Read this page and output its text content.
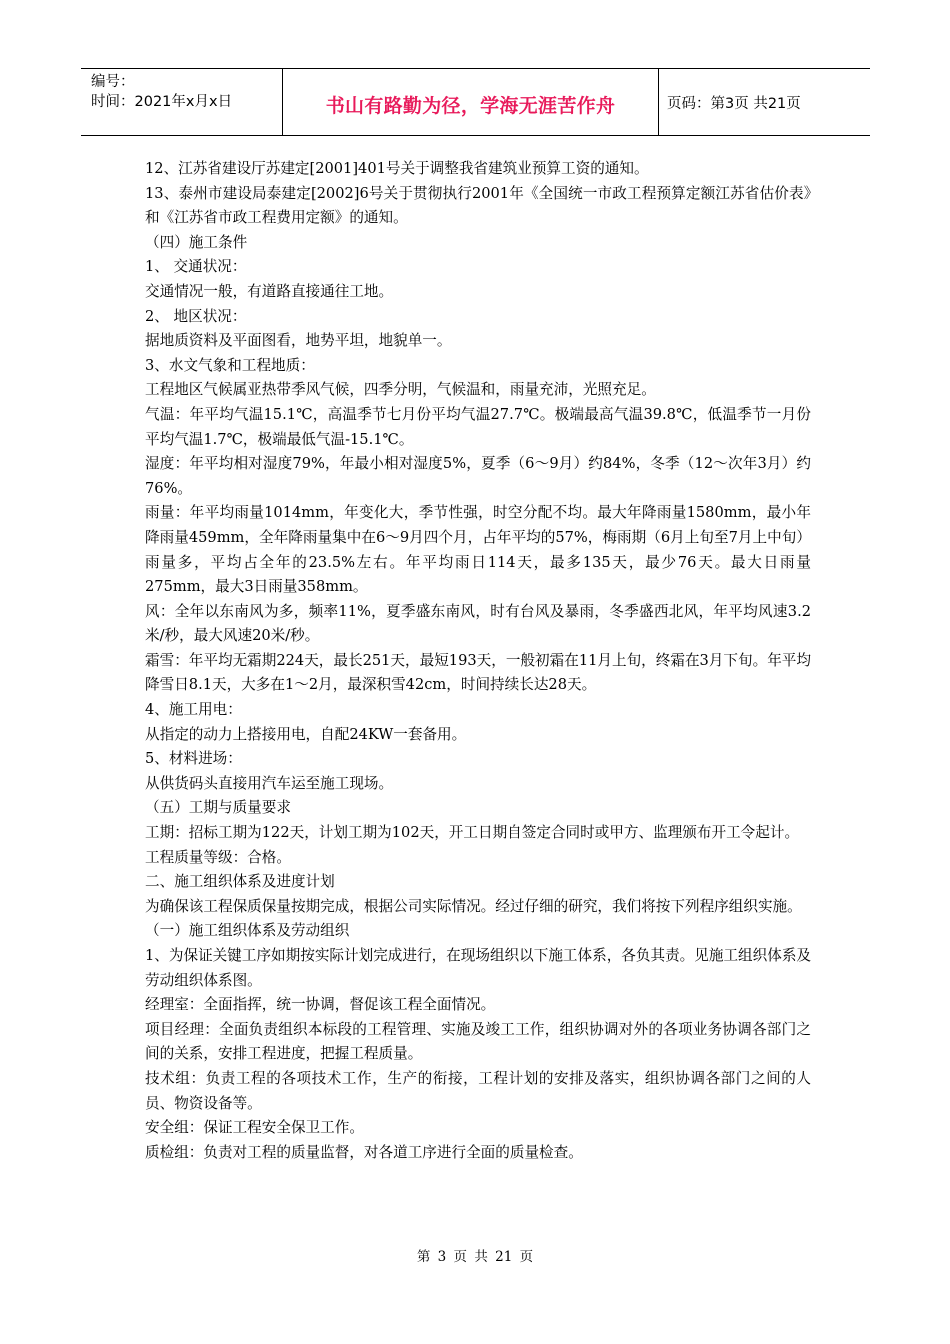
编号：
时间：2021年x月x日	书山有路勤为径，学海无涯苦作舟	页码：第3页 共21页

12、江苏省建设厅苏建定[2001]401号关于调整我省建筑业预算工资的通知。

13、泰州市建设局泰建定[2002]6号关于贯彻执行2001年《全国统一市政工程预算定额江苏省估价表》和《江苏省市政工程费用定额》的通知。

（四）施工条件

1、 交通状况：

交通情况一般，有道路直接通往工地。

2、 地区状况：

据地质资料及平面图看，地势平坦，地貌单一。

3、水文气象和工程地质：

工程地区气候属亚热带季风气候，四季分明，气候温和，雨量充沛，光照充足。

气温：年平均气温15.1℃，高温季节七月份平均气温27.7℃。极端最高气温39.8℃，低温季节一月份平均气温1.7℃，极端最低气温-15.1℃。

湿度：年平均相对湿度79%，年最小相对湿度5%，夏季（6～9月）约84%，冬季（12～次年3月）约76%。

雨量：年平均雨量1014mm，年变化大，季节性强，时空分配不均。最大年降雨量1580mm，最小年降雨量459mm，全年降雨量集中在6～9月四个月，占年平均的57%，梅雨期（6月上旬至7月上中旬）雨量多，平均占全年的23.5%左右。年平均雨日114天，最多135天，最少76天。最大日雨量275mm，最大3日雨量358mm。

风：全年以东南风为多，频率11%，夏季盛东南风，时有台风及暴雨，冬季盛西北风，年平均风速3.2米/秒，最大风速20米/秒。

霜雪：年平均无霜期224天，最长251天，最短193天，一般初霜在11月上旬，终霜在3月下旬。年平均降雪日8.1天，大多在1～2月，最深积雪42cm，时间持续长达28天。

4、施工用电：

从指定的动力上搭接用电，自配24KW一套备用。

5、材料进场：

从供货码头直接用汽车运至施工现场。

（五）工期与质量要求

工期：招标工期为122天，计划工期为102天，开工日期自签定合同时或甲方、监理颁布开工令起计。

工程质量等级：合格。

二、施工组织体系及进度计划

为确保该工程保质保量按期完成，根据公司实际情况。经过仔细的研究，我们将按下列程序组织实施。

（一）施工组织体系及劳动组织

1、为保证关键工序如期按实际计划完成进行，在现场组织以下施工体系，各负其责。见施工组织体系及劳动组织体系图。

经理室：全面指挥，统一协调，督促该工程全面情况。

项目经理：全面负责组织本标段的工程管理、实施及竣工工作，组织协调对外的各项业务协调各部门之间的关系，安排工程进度，把握工程质量。

技术组：负责工程的各项技术工作，生产的衔接，工程计划的安排及落实，组织协调各部门之间的人员、物资设备等。

安全组：保证工程安全保卫工作。

质检组：负责对工程的质量监督，对各道工序进行全面的质量检查。

第 3 页 共 21 页
